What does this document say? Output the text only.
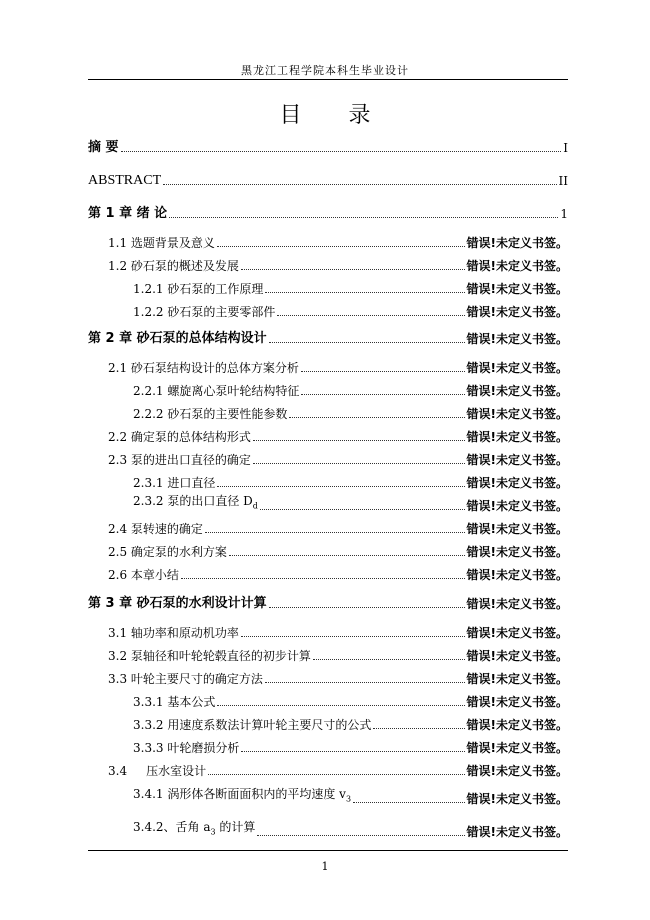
黑龙江工程学院本科生毕业设计
目 录
摘 要	I
ABSTRACT	II
第 1 章 绪 论	1
1.1 选题背景及意义	错误!未定义书签。
1.2 砂石泵的概述及发展	错误!未定义书签。
1.2.1 砂石泵的工作原理	错误!未定义书签。
1.2.2 砂石泵的主要零部件	错误!未定义书签。
第 2 章 砂石泵的总体结构设计	错误!未定义书签。
2.1 砂石泵结构设计的总体方案分析	错误!未定义书签。
2.2.1 螺旋离心泵叶轮结构特征	错误!未定义书签。
2.2.2 砂石泵的主要性能参数	错误!未定义书签。
2.2 确定泵的总体结构形式	错误!未定义书签。
2.3 泵的进出口直径的确定	错误!未定义书签。
2.3.1 进口直径	错误!未定义书签。
2.3.2 泵的出口直径 $D_d$	错误!未定义书签。
2.4 泵转速的确定	错误!未定义书签。
2.5 确定泵的水利方案	错误!未定义书签。
2.6 本章小结	错误!未定义书签。
第 3 章 砂石泵的水利设计计算	错误!未定义书签。
3.1 轴功率和原动机功率	错误!未定义书签。
3.2 泵轴径和叶轮轮毂直径的初步计算	错误!未定义书签。
3.3 叶轮主要尺寸的确定方法	错误!未定义书签。
3.3.1 基本公式	错误!未定义书签。
3.3.2 用速度系数法计算叶轮主要尺寸的公式	错误!未定义书签。
3.3.3 叶轮磨损分析	错误!未定义书签。
3.4     压水室设计	错误!未定义书签。
3.4.1 涡形体各断面面积内的平均速度 $v_3$	错误!未定义书签。
3.4.2、舌角 $a_3$ 的计算	错误!未定义书签。
1
